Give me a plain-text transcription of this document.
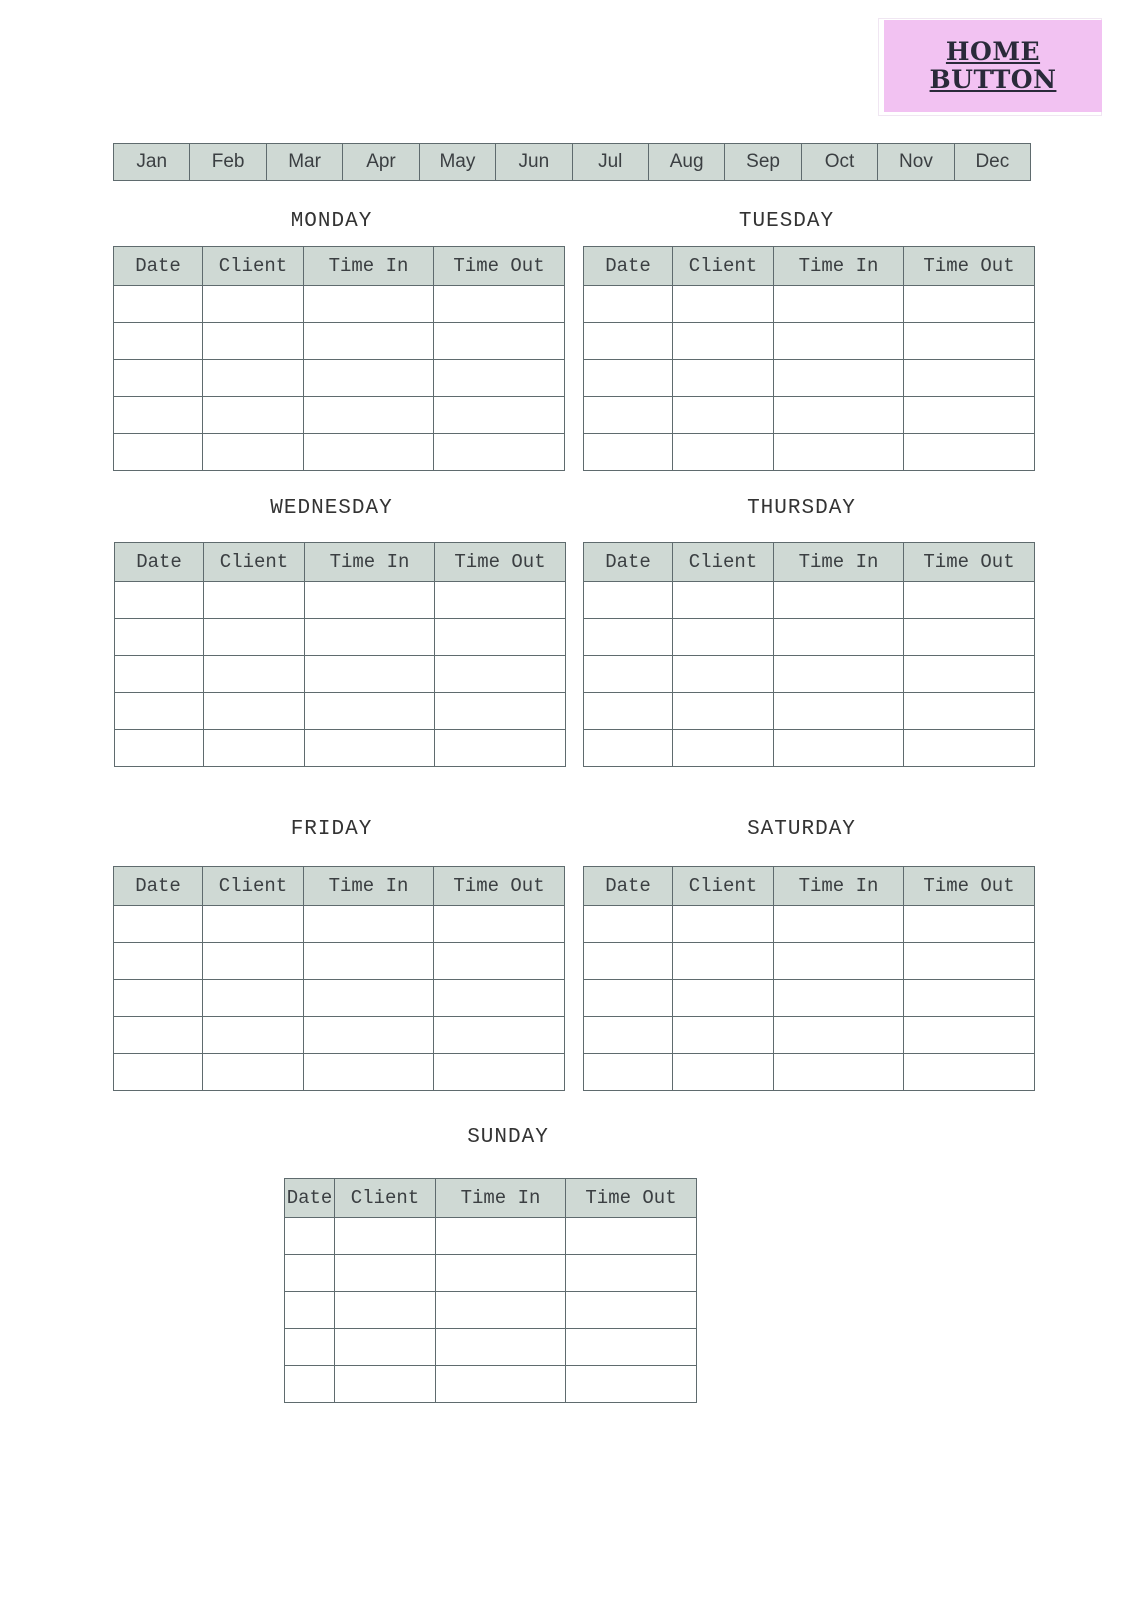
HOME
BUTTON
Jan	Feb	Mar	Apr	May	Jun	Jul	Aug	Sep	Oct	Nov	Dec
MONDAY	TUESDAY
WEDNESDAY	THURSDAY
FRIDAY	SATURDAY
SUNDAY
Date	Client	Time In	Time Out

				Date	Client	Time In	Time Out

Date	Client	Time In	Time Out

				Date	Client	Time In	Time Out

Date	Client	Time In	Time Out

				Date	Client	Time In	Time Out

Date	Client	Time In	Time Out
